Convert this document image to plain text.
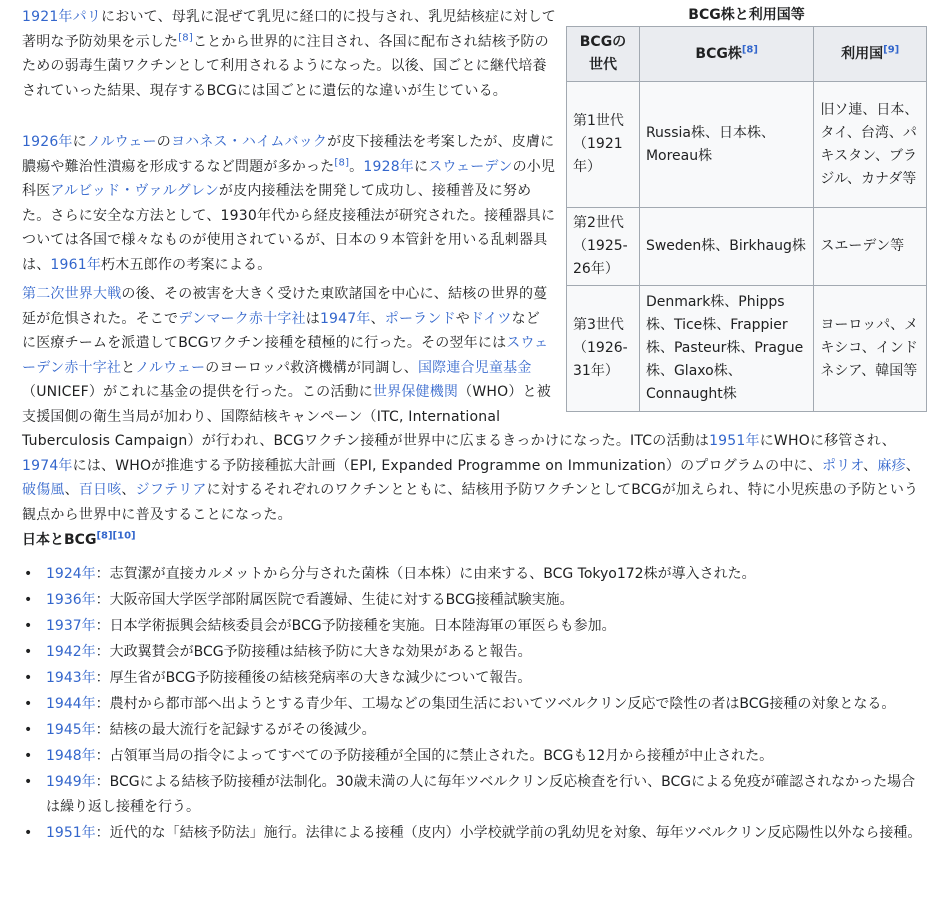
BCG株と利用国等
BCGの世代	BCG株[8]	利用国[9]
第1世代（1921年）	Russia株、日本株、Moreau株	旧ソ連、日本、タイ、台湾、パキスタン、ブラジル、カナダ等
第2世代（1925-26年）	Sweden株、Birkhaug株	スエーデン等
第3世代（1926-31年）	Denmark株、Phipps株、Tice株、Frappier株、Pasteur株、Prague株、Glaxo株、Connaught株	ヨーロッパ、メキシコ、インドネシア、韓国等

1921年パリにおいて、母乳に混ぜて乳児に経口的に投与され、乳児結核症に対して著明な予防効果を示した[8]ことから世界的に注目され、各国に配布され結核予防のための弱毒生菌ワクチンとして利用されるようになった。以後、国ごとに継代培養されていった結果、現存するBCGには国ごとに遺伝的な違いが生じている。

1926年にノルウェーのヨハネス・ハイムバックが皮下接種法を考案したが、皮膚に膿瘍や難治性潰瘍を形成するなど問題が多かった[8]。1928年にスウェーデンの小児科医アルビッド・ヴァルグレンが皮内接種法を開発して成功し、接種普及に努めた。さらに安全な方法として、1930年代から経皮接種法が研究された。接種器具については各国で様々なものが使用されているが、日本の９本管針を用いる乱刺器具は、1961年朽木五郎作の考案による。

第二次世界大戦の後、その被害を大きく受けた東欧諸国を中心に、結核の世界的蔓延が危惧された。そこでデンマーク赤十字社は1947年、ポーランドやドイツなどに医療チームを派遣してBCGワクチン接種を積極的に行った。その翌年にはスウェーデン赤十字社とノルウェーのヨーロッパ救済機構が同調し、国際連合児童基金（UNICEF）がこれに基金の提供を行った。この活動に世界保健機関（WHO）と被支援国側の衛生当局が加わり、国際結核キャンペーン（ITC, International Tuberculosis Campaign）が行われ、BCGワクチン接種が世界中に広まるきっかけになった。ITCの活動は1951年にWHOに移管され、1974年には、WHOが推進する予防接種拡大計画（EPI, Expanded Programme on Immunization）のプログラムの中に、ポリオ、麻疹、破傷風、百日咳、ジフテリアに対するそれぞれのワクチンとともに、結核用予防ワクチンとしてBCGが加えられ、特に小児疾患の予防という観点から世界中に普及することになった。

日本とBCG[8][10]
• 1924年：志賀潔が直接カルメットから分与された菌株（日本株）に由来する、BCG Tokyo172株が導入された。
• 1936年：大阪帝国大学医学部附属医院で看護婦、生徒に対するBCG接種試験実施。
• 1937年：日本学術振興会結核委員会がBCG予防接種を実施。日本陸海軍の軍医らも参加。
• 1942年：大政翼賛会がBCG予防接種は結核予防に大きな効果があると報告。
• 1943年：厚生省がBCG予防接種後の結核発病率の大きな減少について報告。
• 1944年：農村から都市部へ出ようとする青少年、工場などの集団生活においてツベルクリン反応で陰性の者はBCG接種の対象となる。
• 1945年：結核の最大流行を記録するがその後減少。
• 1948年：占領軍当局の指令によってすべての予防接種が全国的に禁止された。BCGも12月から接種が中止された。
• 1949年：BCGによる結核予防接種が法制化。30歳未満の人に毎年ツベルクリン反応検査を行い、BCGによる免疫が確認されなかった場合は繰り返し接種を行う。
• 1951年：近代的な「結核予防法」施行。法律による接種（皮内）小学校就学前の乳幼児を対象、毎年ツベルクリン反応陽性以外なら接種。
